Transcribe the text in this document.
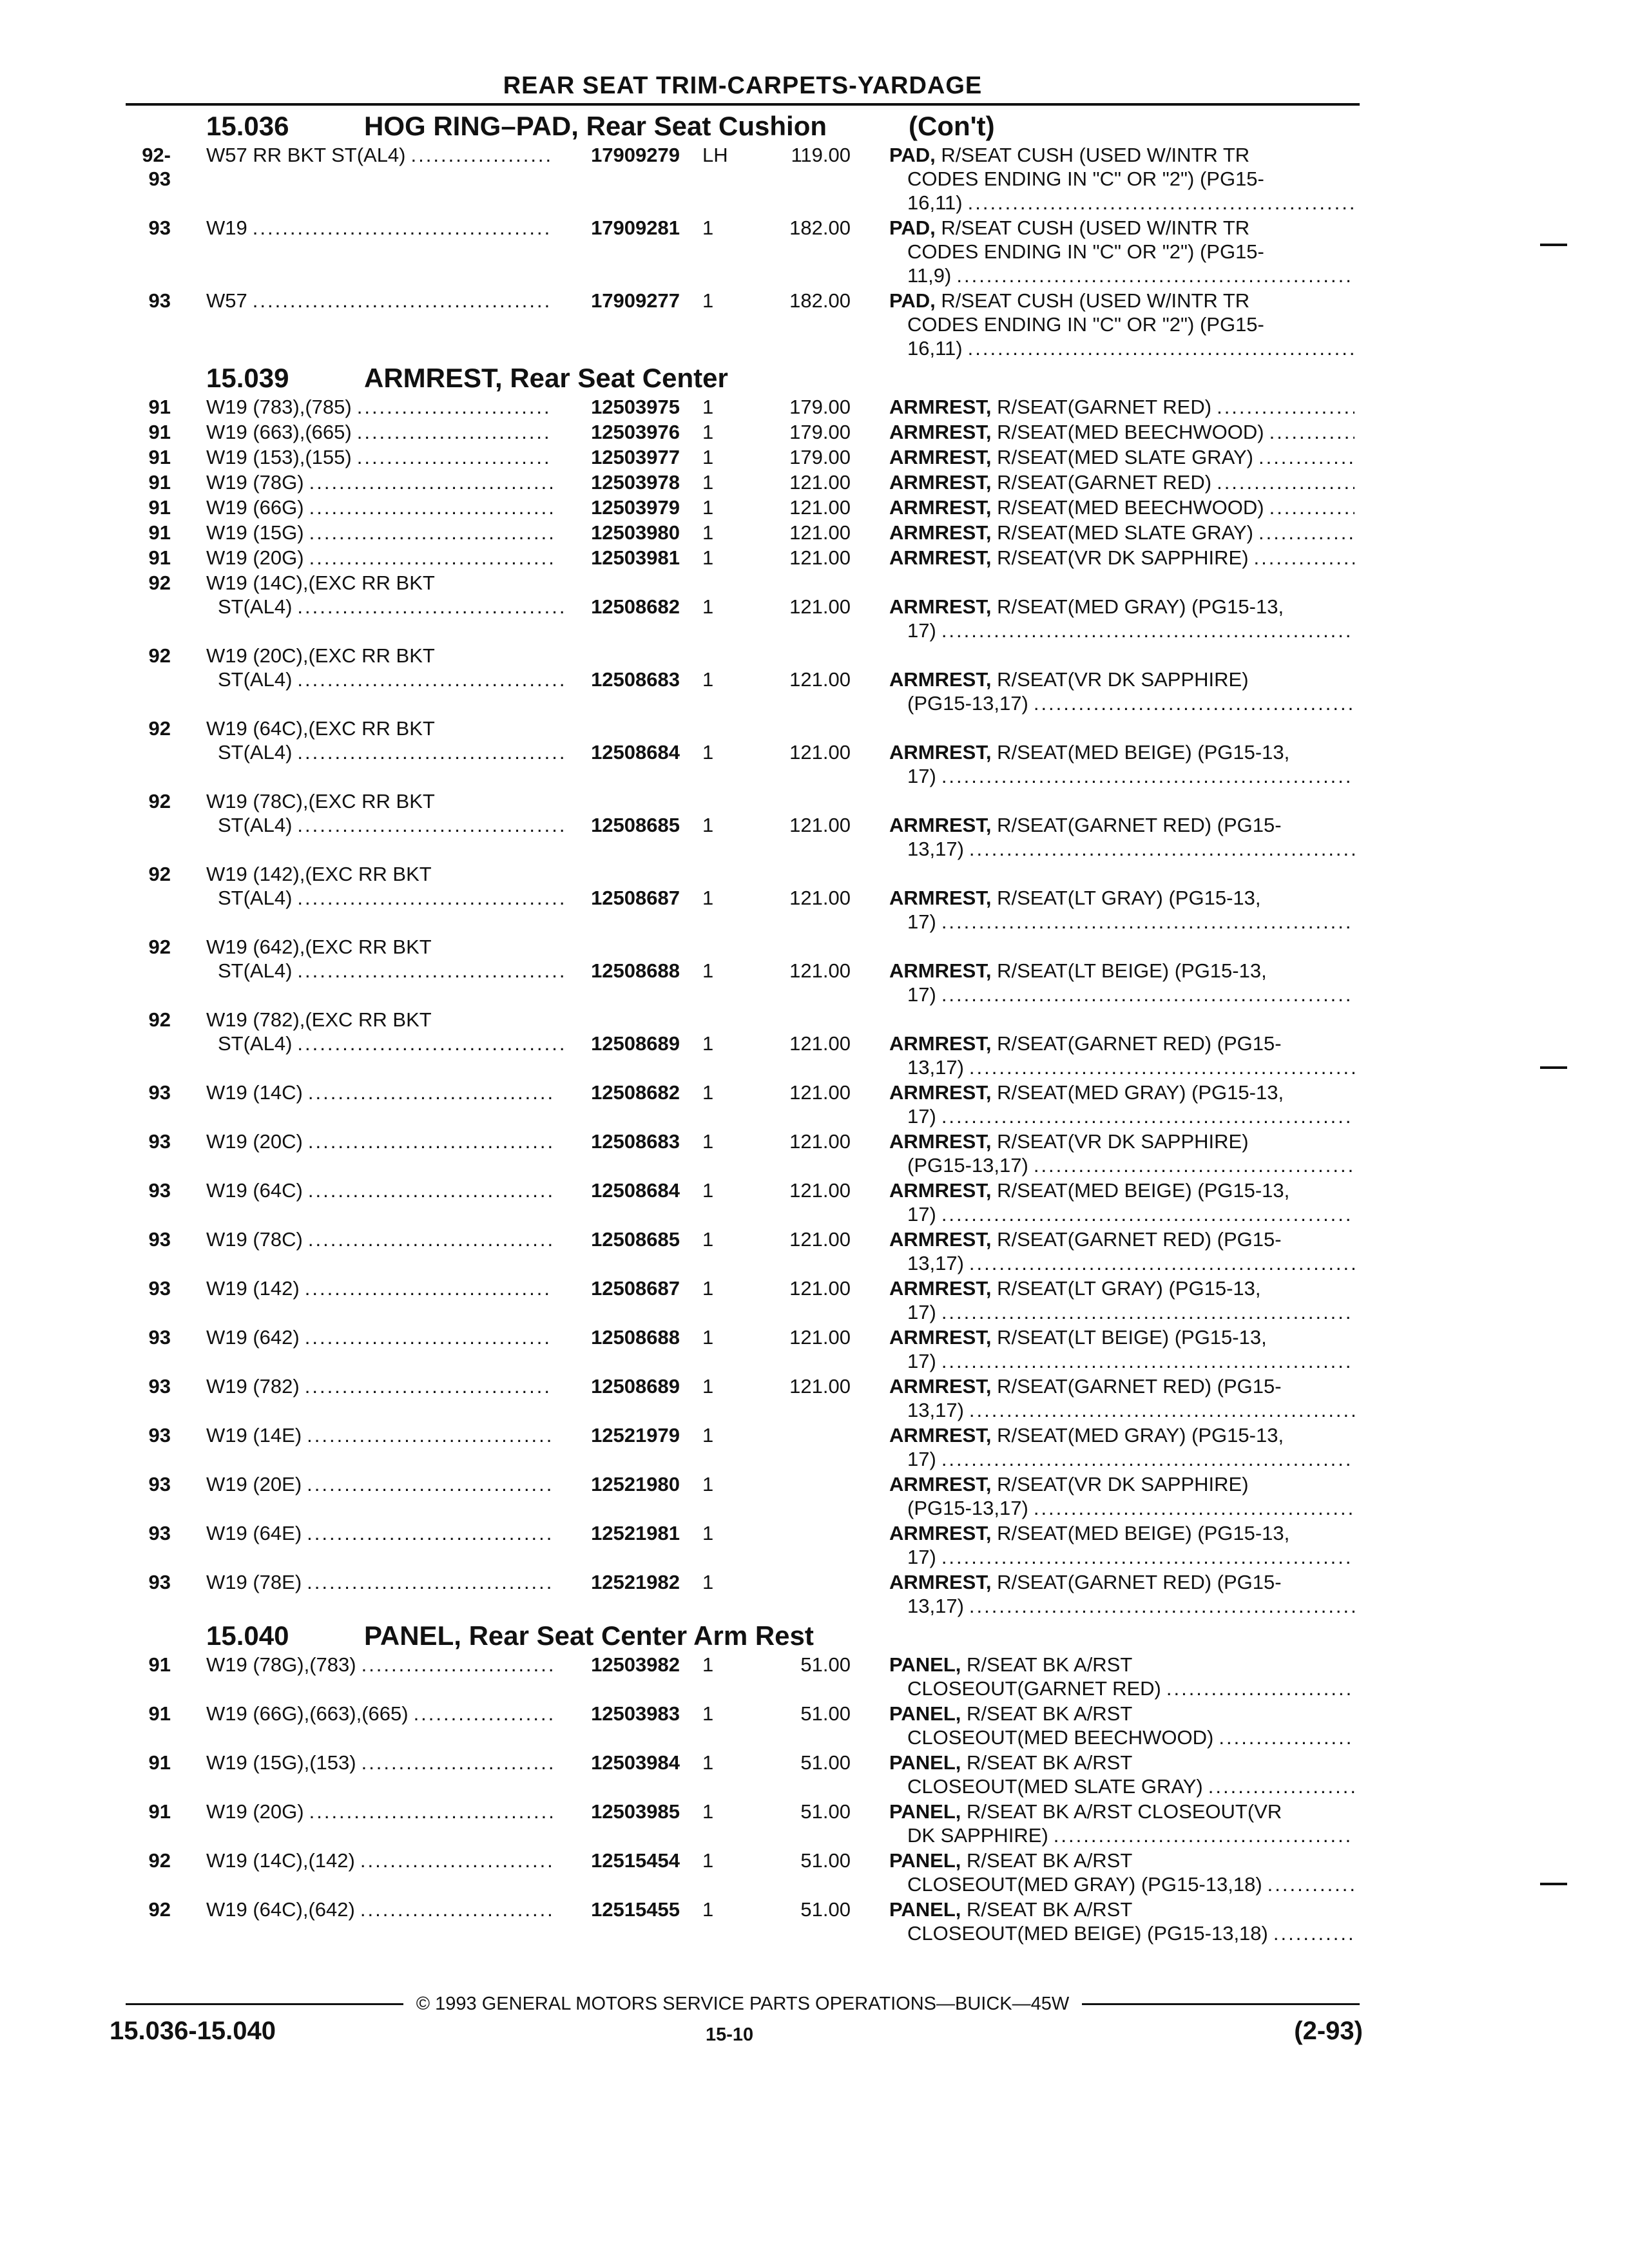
REAR SEAT TRIM-CARPETS-YARDAGE
15.036	HOG RING–PAD, Rear Seat Cushion	(Con't)
92-93
W57 RR BKT ST(AL4) .....	17909279 LH	119.00 PAD,
R/SEAT CUSH (USED W/INTR TR
CODES ENDING IN "C" OR "2") (PG15-
16,11)
.....
93 W19 .....	17909281 1	182.00 PAD,
R/SEAT CUSH (USED W/INTR TR
CODES ENDING IN "C" OR "2") (PG15-
11,9)
.....
93 W57 .....	17909277 1	182.00 PAD,
R/SEAT CUSH (USED W/INTR TR
CODES ENDING IN "C" OR "2") (PG15-
16,11)
.....
15.039	ARMREST, Rear Seat Center
91 W19 (783),(785) .....	12503975 1	179.00 ARMREST,
R/SEAT(GARNET RED)
.....
91 W19 (663),(665) .....	12503976 1	179.00 ARMREST,
R/SEAT(MED BEECHWOOD)
.....
91 W19 (153),(155) .....	12503977 1	179.00 ARMREST,
R/SEAT(MED SLATE GRAY)
.....
91 W19 (78G) .....	12503978 1	121.00 ARMREST,
R/SEAT(GARNET RED)
.....
91 W19 (66G) .....	12503979 1	121.00 ARMREST,
R/SEAT(MED BEECHWOOD)
.....
91 W19 (15G) .....	12503980 1	121.00 ARMREST,
R/SEAT(MED SLATE GRAY)
.....
91 W19 (20G) .....	12503981 1	121.00 ARMREST,
R/SEAT(VR DK SAPPHIRE)
.....
92 W19 (14C),(EXC RR BKT
ST(AL4) .....	12508682 1	121.00 ARMREST,
R/SEAT(MED GRAY) (PG15-13,
17)
.....
92 W19 (20C),(EXC RR BKT
ST(AL4) .....	12508683 1	121.00 ARMREST,
R/SEAT(VR DK SAPPHIRE)
(PG15-13,17)
.....
92 W19 (64C),(EXC RR BKT
ST(AL4) .....	12508684 1	121.00 ARMREST,
R/SEAT(MED BEIGE) (PG15-13,
17)
.....
92 W19 (78C),(EXC RR BKT
ST(AL4) .....	12508685 1	121.00 ARMREST,
R/SEAT(GARNET RED) (PG15-
13,17)
.....
92 W19 (142),(EXC RR BKT
ST(AL4) .....	12508687 1	121.00 ARMREST,
R/SEAT(LT GRAY) (PG15-13,
17)
.....
92 W19 (642),(EXC RR BKT
ST(AL4) .....	12508688 1	121.00 ARMREST,
R/SEAT(LT BEIGE) (PG15-13,
17)
.....
92 W19 (782),(EXC RR BKT
ST(AL4) .....	12508689 1	121.00 ARMREST,
R/SEAT(GARNET RED) (PG15-
13,17)
.....
93 W19 (14C) .....	12508682 1	121.00 ARMREST,
R/SEAT(MED GRAY) (PG15-13,
17)
.....
93 W19 (20C) .....	12508683 1	121.00 ARMREST,
R/SEAT(VR DK SAPPHIRE)
(PG15-13,17)
.....
93 W19 (64C) .....	12508684 1	121.00 ARMREST,
R/SEAT(MED BEIGE) (PG15-13,
17)
.....
93 W19 (78C) .....	12508685 1	121.00 ARMREST,
R/SEAT(GARNET RED) (PG15-
13,17)
.....
93 W19 (142) .....	12508687 1	121.00 ARMREST,
R/SEAT(LT GRAY) (PG15-13,
17)
.....
93 W19 (642) .....	12508688 1	121.00 ARMREST,
R/SEAT(LT BEIGE) (PG15-13,
17)
.....
93 W19 (782) .....	12508689 1	121.00 ARMREST,
R/SEAT(GARNET RED) (PG15-
13,17)
.....
93 W19 (14E) .....	12521979 1	ARMREST,
R/SEAT(MED GRAY) (PG15-13,
17)
.....
93 W19 (20E) .....	12521980 1	ARMREST,
R/SEAT(VR DK SAPPHIRE)
(PG15-13,17)
.....
93 W19 (64E) .....	12521981 1	ARMREST,
R/SEAT(MED BEIGE) (PG15-13,
17)
.....
93 W19 (78E) .....	12521982 1	ARMREST,
R/SEAT(GARNET RED) (PG15-
13,17)
.....
15.040	PANEL, Rear Seat Center Arm Rest
91 W19 (78G),(783) .....	12503982 1	51.00 PANEL,
R/SEAT BK A/RST
CLOSEOUT(GARNET RED)
.....
91 W19 (66G),(663),(665) .....	12503983 1	51.00 PANEL,
R/SEAT BK A/RST
CLOSEOUT(MED BEECHWOOD)
.....
91 W19 (15G),(153) .....	12503984 1	51.00 PANEL,
R/SEAT BK A/RST
CLOSEOUT(MED SLATE GRAY)
.....
91 W19 (20G) .....	12503985 1	51.00 PANEL,
R/SEAT BK A/RST CLOSEOUT(VR
DK SAPPHIRE)
.....
92 W19 (14C),(142) .....	12515454 1	51.00 PANEL,
R/SEAT BK A/RST
CLOSEOUT(MED GRAY) (PG15-13,18)
.....
92 W19 (64C),(642) .....	12515455 1	51.00 PANEL,
R/SEAT BK A/RST
CLOSEOUT(MED BEIGE) (PG15-13,18)
.....
© 1993 GENERAL MOTORS SERVICE PARTS OPERATIONS—BUICK—45W
15.036-15.040	15-10	(2-93)
